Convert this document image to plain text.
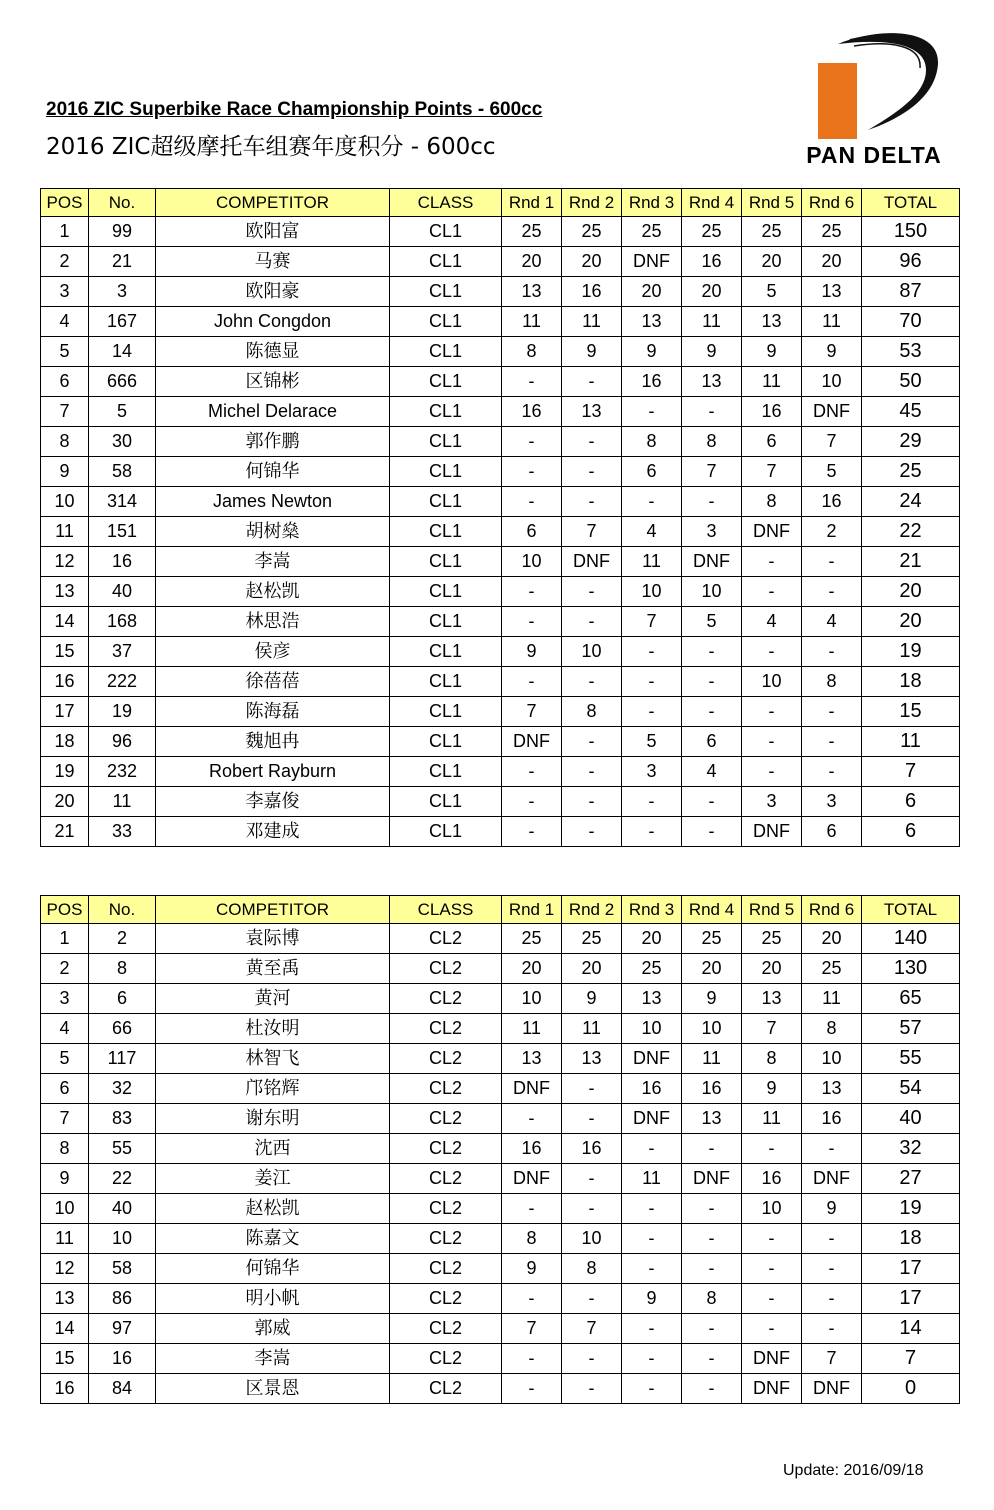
2016 ZIC Superbike Race Championship Points - 600cc
2016 ZIC超级摩托车组赛年度积分 - 600cc	PAN DELTA
POS	No.	COMPETITOR	CLASS	Rnd 1	Rnd 2	Rnd 3	Rnd 4	Rnd 5	Rnd 6	TOTAL
1	99	欧阳富	CL1	25	25	25	25	25	25	150
2	21	马赛	CL1	20	20	DNF	16	20	20	96
3	3	欧阳豪	CL1	13	16	20	20	5	13	87
4	167	John Congdon	CL1	11	11	13	11	13	11	70
5	14	陈德显	CL1	8	9	9	9	9	9	53
6	666	区锦彬	CL1	-	-	16	13	11	10	50
7	5	Michel Delarace	CL1	16	13	-	-	16	DNF	45
8	30	郭作鹏	CL1	-	-	8	8	6	7	29
9	58	何锦华	CL1	-	-	6	7	7	5	25
10	314	James Newton	CL1	-	-	-	-	8	16	24
11	151	胡树燊	CL1	6	7	4	3	DNF	2	22
12	16	李嵩	CL1	10	DNF	11	DNF	-	-	21
13	40	赵松凯	CL1	-	-	10	10	-	-	20
14	168	林思浩	CL1	-	-	7	5	4	4	20
15	37	侯彦	CL1	9	10	-	-	-	-	19
16	222	徐蓓蓓	CL1	-	-	-	-	10	8	18
17	19	陈海磊	CL1	7	8	-	-	-	-	15
18	96	魏旭冉	CL1	DNF	-	5	6	-	-	11
19	232	Robert Rayburn	CL1	-	-	3	4	-	-	7
20	11	李嘉俊	CL1	-	-	-	-	3	3	6
21	33	邓建成	CL1	-	-	-	-	DNF	6	6
POS	No.	COMPETITOR	CLASS	Rnd 1	Rnd 2	Rnd 3	Rnd 4	Rnd 5	Rnd 6	TOTAL
1	2	袁际博	CL2	25	25	20	25	25	20	140
2	8	黄至禹	CL2	20	20	25	20	20	25	130
3	6	黄河	CL2	10	9	13	9	13	11	65
4	66	杜汝明	CL2	11	11	10	10	7	8	57
5	117	林智飞	CL2	13	13	DNF	11	8	10	55
6	32	邝铭辉	CL2	DNF	-	16	16	9	13	54
7	83	谢东明	CL2	-	-	DNF	13	11	16	40
8	55	沈西	CL2	16	16	-	-	-	-	32
9	22	姜江	CL2	DNF	-	11	DNF	16	DNF	27
10	40	赵松凯	CL2	-	-	-	-	10	9	19
11	10	陈嘉文	CL2	8	10	-	-	-	-	18
12	58	何锦华	CL2	9	8	-	-	-	-	17
13	86	明小帆	CL2	-	-	9	8	-	-	17
14	97	郭威	CL2	7	7	-	-	-	-	14
15	16	李嵩	CL2	-	-	-	-	DNF	7	7
16	84	区景恩	CL2	-	-	-	-	DNF	DNF	0
Update: 2016/09/18
